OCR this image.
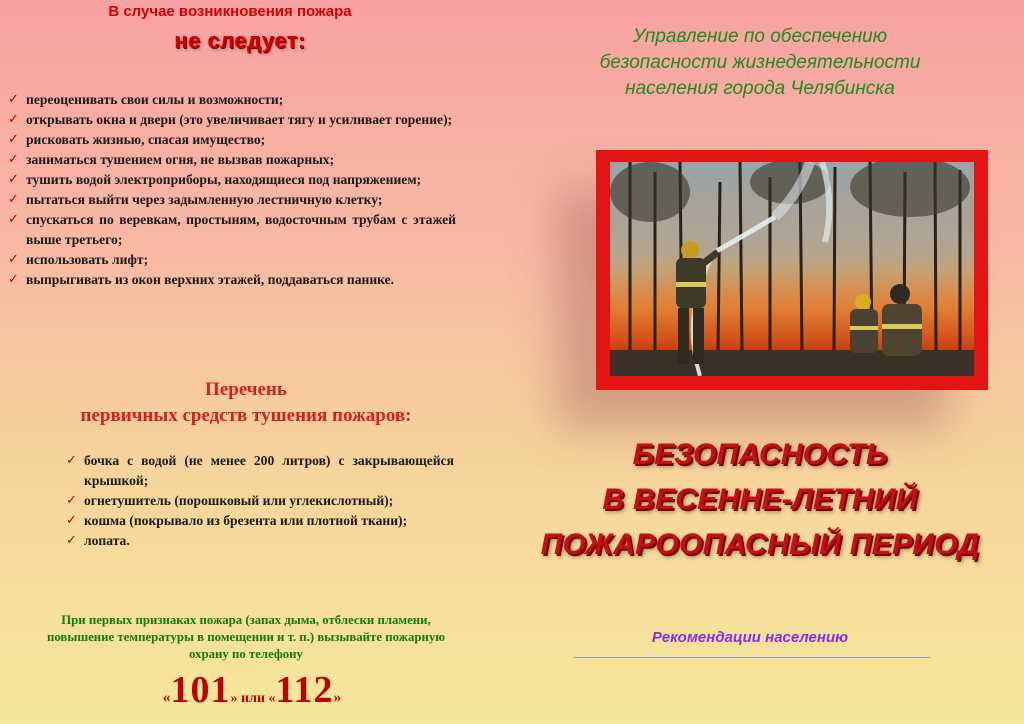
В случае возникновения пожара
не следует:
✓ переоценивать свои силы и возможности;
✓ открывать окна и двери (это увеличивает тягу и усиливает горение);
✓ рисковать жизнью, спасая имущество;
✓ заниматься тушением огня, не вызвав пожарных;
✓ тушить водой электроприборы, находящиеся под напряжением;
✓ пытаться выйти через задымленную лестничную клетку;
✓ спускаться по веревкам, простыням, водосточным трубам с этажей выше третьего;
✓ использовать лифт;
✓ выпрыгивать из окон верхних этажей, поддаваться панике.
Перечень
первичных средств тушения пожаров:
✓ бочка с водой (не менее 200 литров) с закрывающейся крышкой;
✓ огнетушитель (порошковый или углекислотный);
✓ кошма (покрывало из брезента или плотной ткани);
✓ лопата.
При первых признаках пожара (запах дыма, отблески пламени, повышение температуры в помещении и т. п.) вызывайте пожарную охрану по телефону
«101» или «112»
Управление по обеспечению
безопасности жизнедеятельности
населения города Челябинска
БЕЗОПАСНОСТЬ
В ВЕСЕННЕ-ЛЕТНИЙ
ПОЖАРООПАСНЫЙ ПЕРИОД
Рекомендации населению
